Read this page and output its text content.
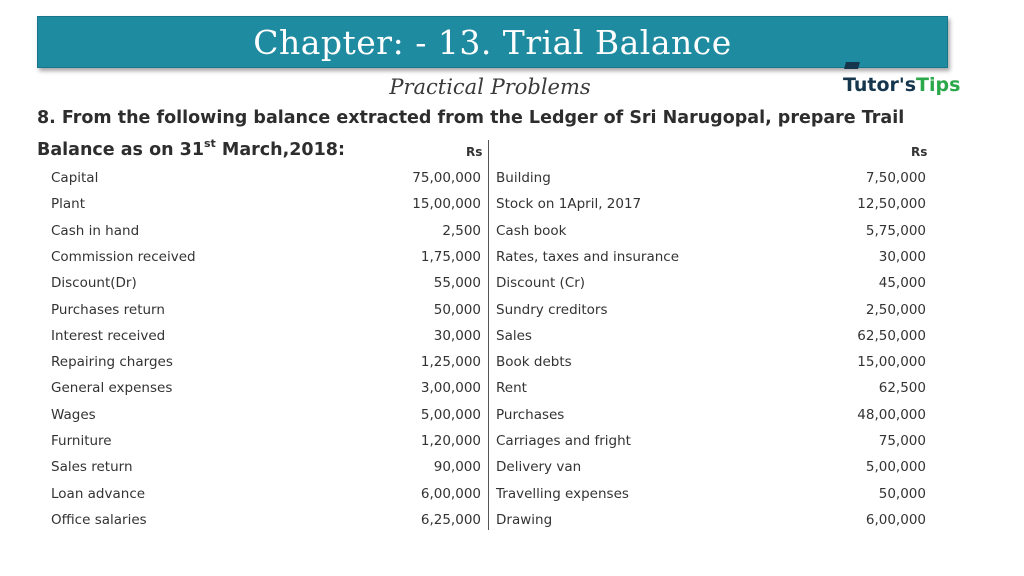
Chapter: - 13. Trial Balance
Practical Problems	Tutor's Tips
8. From the following balance extracted from the Ledger of Sri Narugopal, prepare Trail
Balance as on 31st March,2018:	Rs	Rs
Capital	75,00,000 Building	7,50,000
Plant	15,00,000 Stock on 1April, 2017	12,50,000
Cash in hand	2,500 Cash book	5,75,000
Commission received	1,75,000 Rates, taxes and insurance	30,000
Discount(Dr)	55,000 Discount (Cr)	45,000
Purchases return	50,000 Sundry creditors	2,50,000
Interest received	30,000 Sales	62,50,000
Repairing charges	1,25,000 Book debts	15,00,000
General expenses	3,00,000 Rent	62,500
Wages	5,00,000 Purchases	48,00,000
Furniture	1,20,000 Carriages and fright	75,000
Sales return	90,000 Delivery van	5,00,000
Loan advance	6,00,000 Travelling expenses	50,000
Office salaries	6,25,000 Drawing	6,00,000
